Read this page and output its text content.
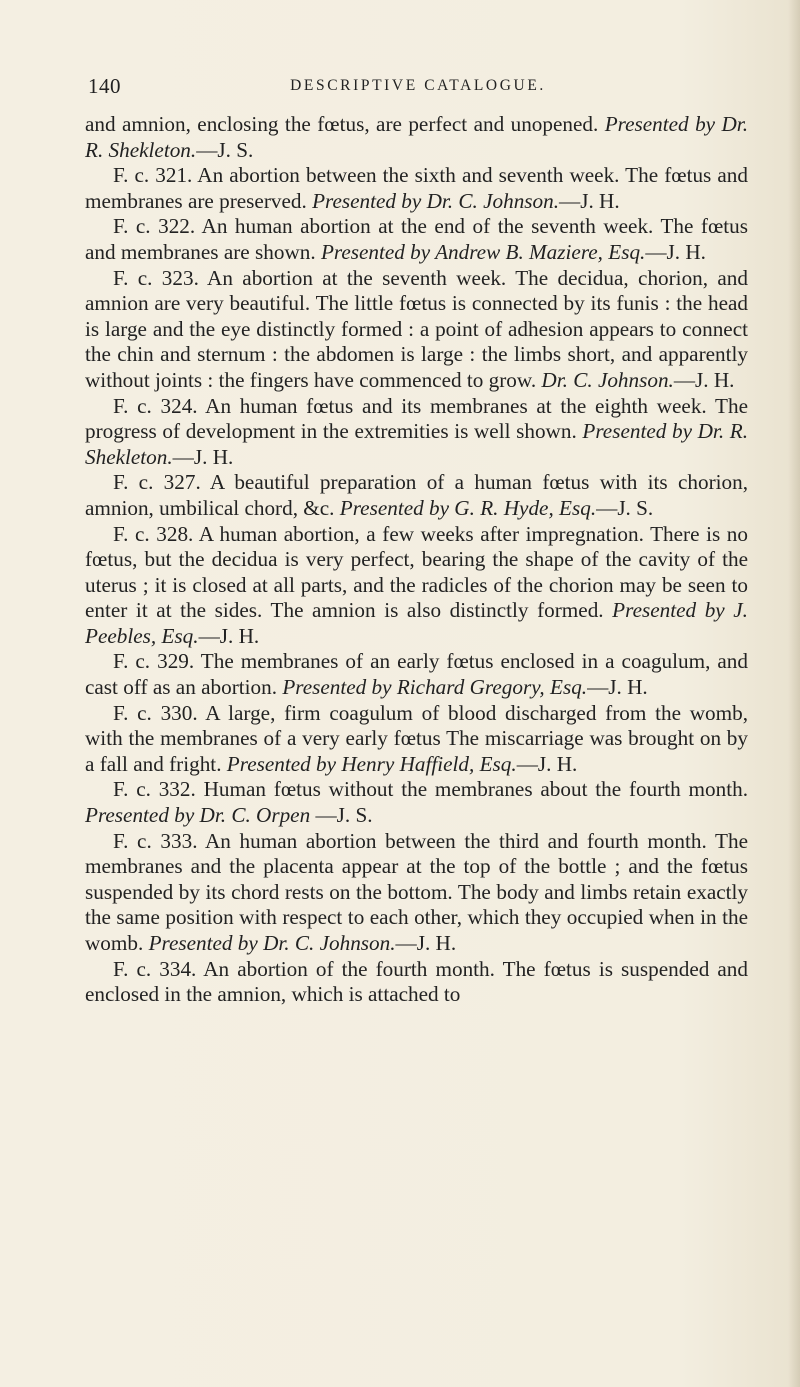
140	DESCRIPTIVE CATALOGUE.

and amnion, enclosing the fœtus, are perfect and unopened. Presented by Dr. R. Shekleton.—J. S.

F. c. 321. An abortion between the sixth and seventh week. The fœtus and membranes are preserved. Presented by Dr. C. Johnson.—J. H.

F. c. 322. An human abortion at the end of the seventh week. The fœtus and membranes are shown. Presented by Andrew B. Maziere, Esq.—J. H.

F. c. 323. An abortion at the seventh week. The decidua, chorion, and amnion are very beautiful. The little fœtus is connected by its funis : the head is large and the eye distinctly formed : a point of adhesion appears to connect the chin and sternum : the abdomen is large : the limbs short, and apparently without joints : the fingers have commenced to grow. Dr. C. Johnson.—J. H.

F. c. 324. An human fœtus and its membranes at the eighth week. The progress of development in the extremities is well shown. Presented by Dr. R. Shekleton.—J. H.

F. c. 327. A beautiful preparation of a human fœtus with its chorion, amnion, umbilical chord, &c. Presented by G. R. Hyde, Esq.—J. S.

F. c. 328. A human abortion, a few weeks after impregnation. There is no fœtus, but the decidua is very perfect, bearing the shape of the cavity of the uterus ; it is closed at all parts, and the radicles of the chorion may be seen to enter it at the sides. The amnion is also distinctly formed. Presented by J. Peebles, Esq.—J. H.

F. c. 329. The membranes of an early fœtus enclosed in a coagulum, and cast off as an abortion. Presented by Richard Gregory, Esq.—J. H.

F. c. 330. A large, firm coagulum of blood discharged from the womb, with the membranes of a very early fœtus The miscarriage was brought on by a fall and fright. Presented by Henry Haffield, Esq.—J. H.

F. c. 332. Human fœtus without the membranes about the fourth month. Presented by Dr. C. Orpen —J. S.

F. c. 333. An human abortion between the third and fourth month. The membranes and the placenta appear at the top of the bottle ; and the fœtus suspended by its chord rests on the bottom. The body and limbs retain exactly the same position with respect to each other, which they occupied when in the womb. Presented by Dr. C. Johnson.—J. H.

F. c. 334. An abortion of the fourth month. The fœtus is suspended and enclosed in the amnion, which is attached to
